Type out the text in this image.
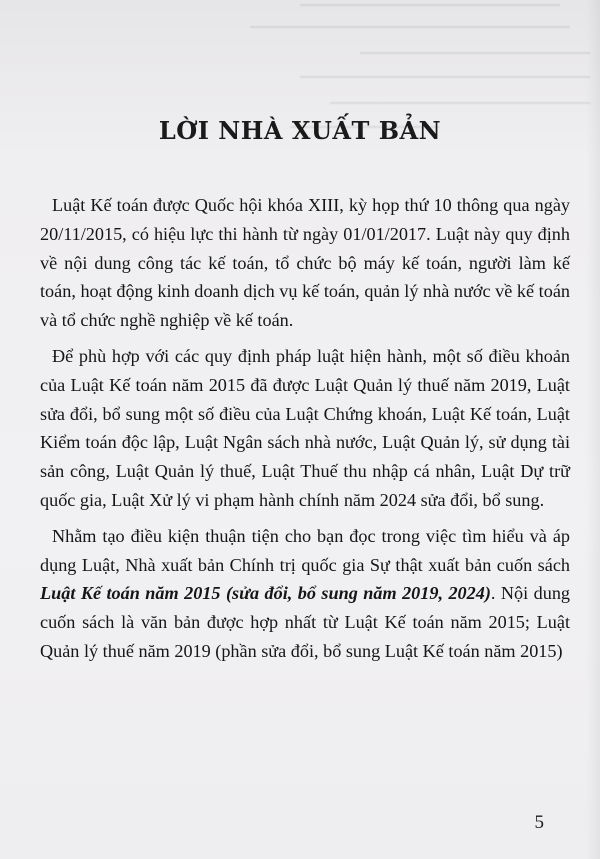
LỜI NHÀ XUẤT BẢN

Luật Kế toán được Quốc hội khóa XIII, kỳ họp thứ 10 thông qua ngày 20/11/2015, có hiệu lực thi hành từ ngày 01/01/2017. Luật này quy định về nội dung công tác kế toán, tổ chức bộ máy kế toán, người làm kế toán, hoạt động kinh doanh dịch vụ kế toán, quản lý nhà nước về kế toán và tổ chức nghề nghiệp về kế toán.

Để phù hợp với các quy định pháp luật hiện hành, một số điều khoản của Luật Kế toán năm 2015 đã được Luật Quản lý thuế năm 2019, Luật sửa đổi, bổ sung một số điều của Luật Chứng khoán, Luật Kế toán, Luật Kiểm toán độc lập, Luật Ngân sách nhà nước, Luật Quản lý, sử dụng tài sản công, Luật Quản lý thuế, Luật Thuế thu nhập cá nhân, Luật Dự trữ quốc gia, Luật Xử lý vi phạm hành chính năm 2024 sửa đổi, bổ sung.

Nhằm tạo điều kiện thuận tiện cho bạn đọc trong việc tìm hiểu và áp dụng Luật, Nhà xuất bản Chính trị quốc gia Sự thật xuất bản cuốn sách Luật Kế toán năm 2015 (sửa đổi, bổ sung năm 2019, 2024). Nội dung cuốn sách là văn bản được hợp nhất từ Luật Kế toán năm 2015; Luật Quản lý thuế năm 2019 (phần sửa đổi, bổ sung Luật Kế toán năm 2015)

5
